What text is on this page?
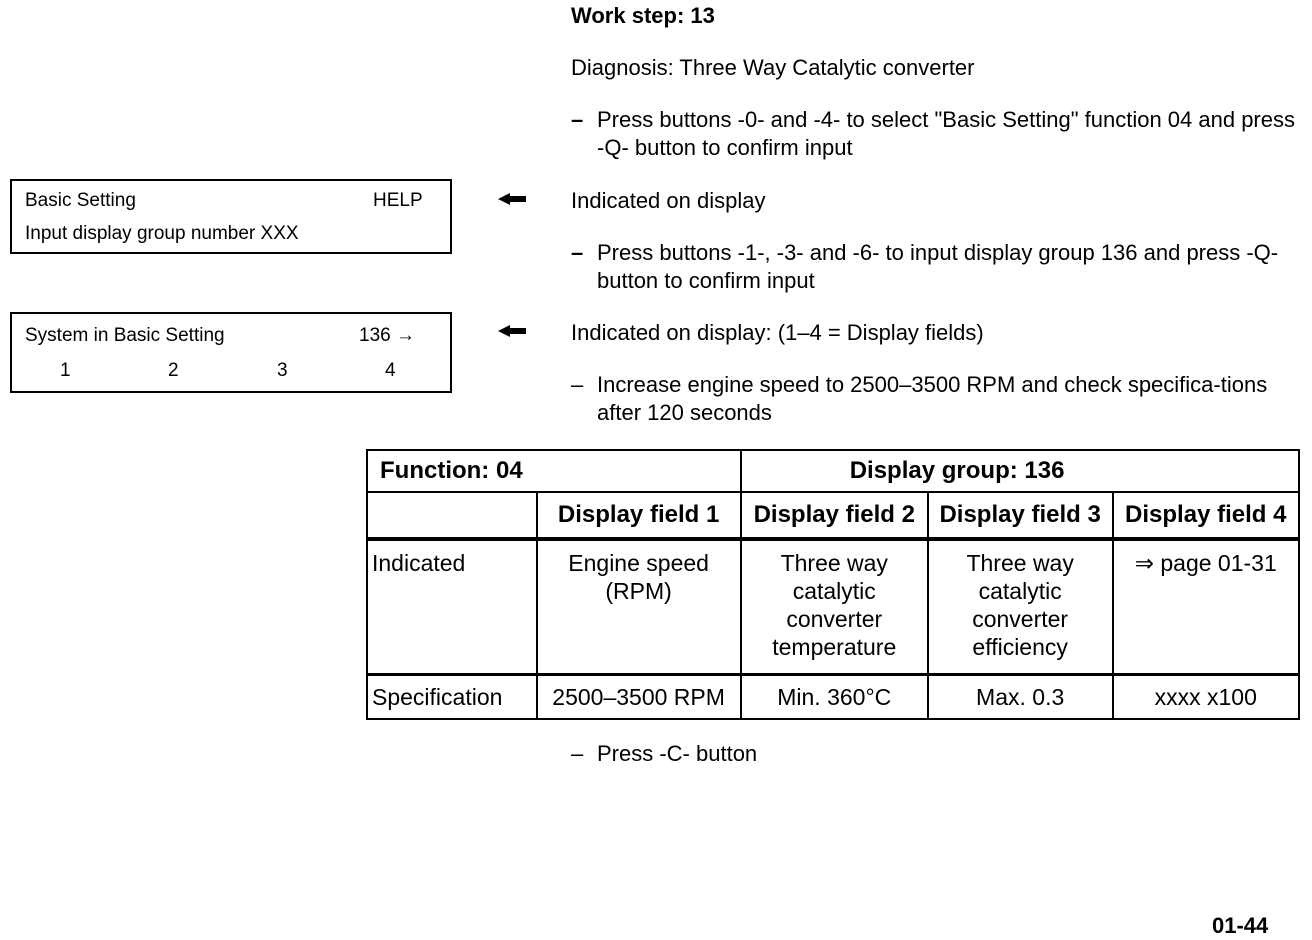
Work step: 13
Diagnosis: Three Way Catalytic converter
– Press buttons -0- and -4- to select "Basic Setting" function 04 and press -Q- button to confirm input
Basic Setting	HELP
Input display group number XXX
Indicated on display
– Press buttons -1-, -3- and -6- to input display group 136 and press -Q- button to confirm input
System in Basic Setting	136 →
1	2	3	4
Indicated on display: (1–4 = Display fields)
– Increase engine speed to 2500–3500 RPM and check specifica-tions after 120 seconds
Function: 04		Display group: 136		
	Display field 1	Display field 2	Display field 3	Display field 4
Indicated	Engine speed (RPM)	Three way catalytic converter temperature	Three way catalytic converter efficiency	⇒ page 01-31
Specification	2500–3500 RPM	Min. 360°C	Max. 0.3	xxxx x100
– Press -C- button
01-44
